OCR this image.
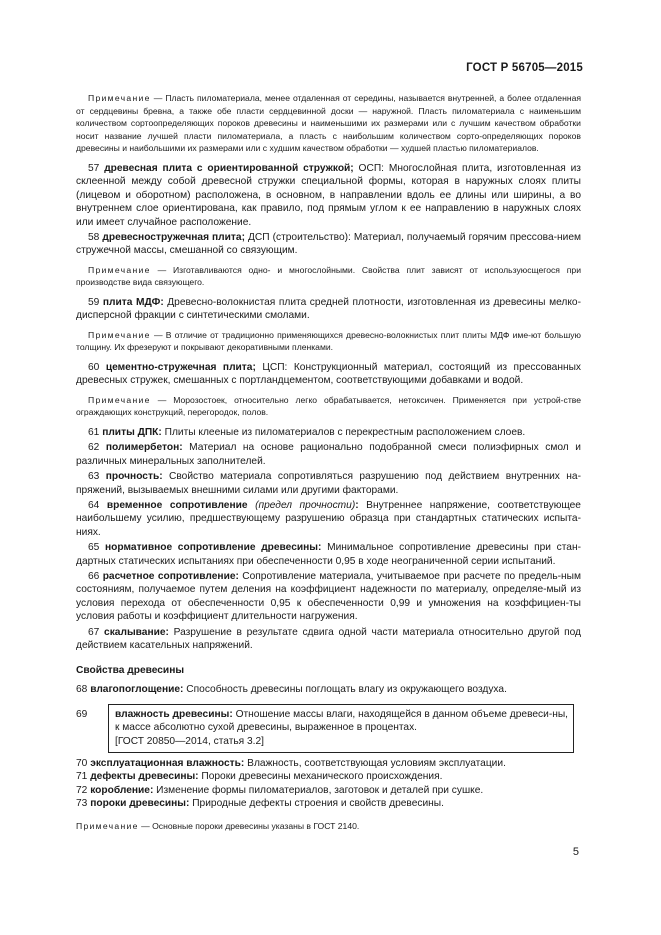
ГОСТ Р 56705—2015

Примечание — Пласть пиломатериала, менее отдаленная от середины, называется внутренней, а более отдаленная от сердцевины бревна, а также обе пласти сердцевинной доски — наружной. Пласть пиломатериала с наименьшим количеством сортоопределяющих пороков древесины и наименьшими их размерами или с лучшим качеством обработки носит название лучшей пласти пиломатериала, а пласть с наибольшим количеством сорто-определяющих пороков древесины и наибольшими их размерами или с худшим качеством обработки — худшей пластью пиломатериалов.

57 древесная плита с ориентированной стружкой; ОСП: Многослойная плита, изготовленная из склеенной между собой древесной стружки специальной формы, которая в наружных слоях плиты (лицевом и оборотном) расположена, в основном, в направлении вдоль ее длины или ширины, а во внутреннем слое ориентирована, как правило, под прямым углом к ее направлению в наружных слоях или имеет случайное расположение.

58 древесностружечная плита; ДСП (строительство): Материал, получаемый горячим прессова-нием стружечной массы, смешанной со связующим.

Примечание — Изготавливаются одно- и многослойными. Свойства плит зависят от используюсщегося при производстве вида связующего.

59 плита МДФ: Древесно-волокнистая плита средней плотности, изготовленная из древесины мелко-дисперсной фракции с синтетическими смолами.

Примечание — В отличие от традиционно применяющихся древесно-волокнистых плит плиты МДФ име-ют большую толщину. Их фрезеруют и покрывают декоративными пленками.

60 цементно-стружечная плита; ЦСП: Конструкционный материал, состоящий из прессованных древесных стружек, смешанных с портландцементом, соответствующими добавками и водой.

Примечание — Морозостоек, относительно легко обрабатывается, нетоксичен. Применяется при устрой-стве ограждающих конструкций, перегородок, полов.

61 плиты ДПК: Плиты клееные из пиломатериалов с перекрестным расположением слоев.

62 полимербетон: Материал на основе рационально подобранной смеси полиэфирных смол и различных минеральных заполнителей.

63 прочность: Свойство материала сопротивляться разрушению под действием внутренних на-пряжений, вызываемых внешними силами или другими факторами.

64 временное сопротивление (предел прочности): Внутреннее напряжение, соответствующее наибольшему усилию, предшествующему разрушению образца при стандартных статических испыта-ниях.

65 нормативное сопротивление древесины: Минимальное сопротивление древесины при стан-дартных статических испытаниях при обеспеченности 0,95 в ходе неограниченной серии испытаний.

66 расчетное сопротивление: Сопротивление материала, учитываемое при расчете по предель-ным состояниям, получаемое путем деления на коэффициент надежности по материалу, определяе-мый из условия перехода от обеспеченности 0,95 к обеспеченности 0,99 и умножения на коэффициен-ты условия работы и коэффициент длительности нагружения.

67 скалывание: Разрушение в результате сдвига одной части материала относительно другой под действием касательных напряжений.

Свойства древесины

68 влагопоглощение: Способность древесины поглощать влагу из окружающего воздуха.

69	влажность древесины: Отношение массы влаги, находящейся в данном объеме древеси-ны, к массе абсолютно сухой древесины, выраженное в процентах.
[ГОСТ 20850—2014, статья 3.2]

70 эксплуатационная влажность: Влажность, соответствующая условиям эксплуатации.

71 дефекты древесины: Пороки древесины механического происхождения.

72 коробление: Изменение формы пиломатериалов, заготовок и деталей при сушке.

73 пороки древесины: Природные дефекты строения и свойств древесины.

Примечание — Основные пороки древесины указаны в ГОСТ 2140.

5
